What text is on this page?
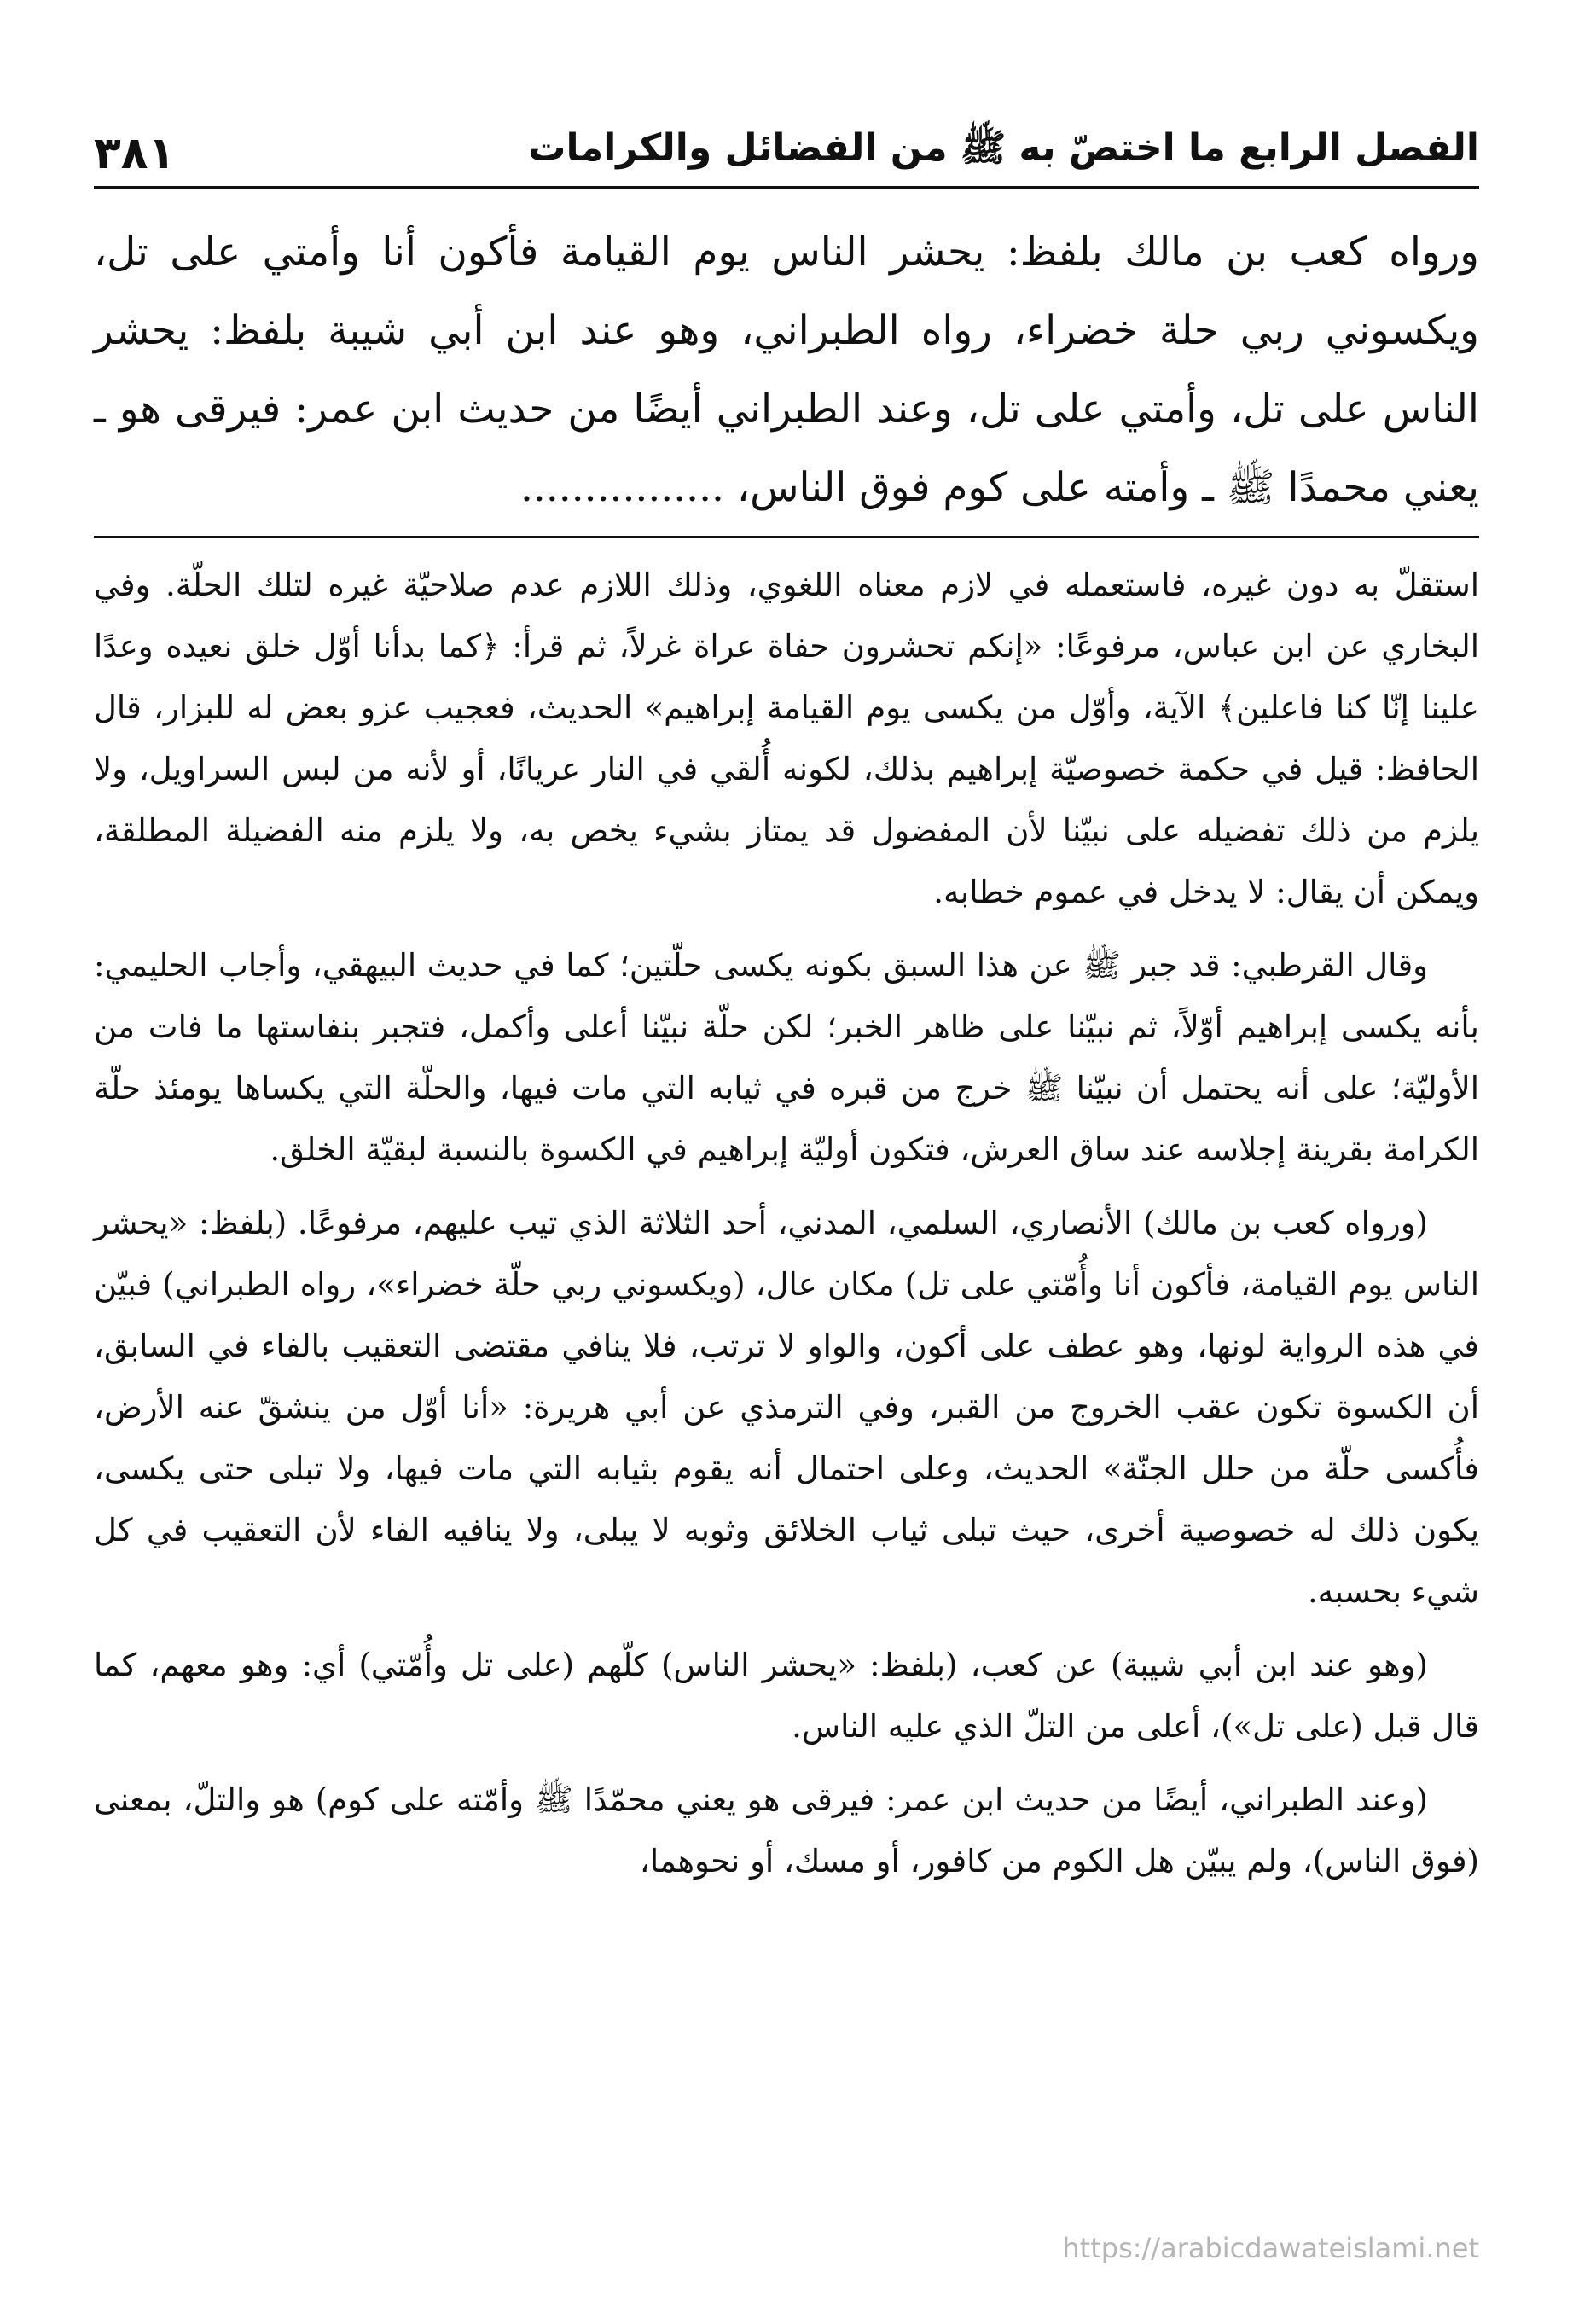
الفصل الرابع ما اختصّ به ﷺ من الفضائل والكرامات
٣٨١

ورواه كعب بن مالك بلفظ: يحشر الناس يوم القيامة فأكون أنا وأمتي على تل، ويكسوني ربي حلة خضراء، رواه الطبراني، وهو عند ابن أبي شيبة بلفظ: يحشر الناس على تل، وأمتي على تل، وعند الطبراني أيضًا من حديث ابن عمر: فيرقى هو ـ يعني محمدًا ﷺ ـ وأمته على كوم فوق الناس، ................

استقلّ به دون غيره، فاستعمله في لازم معناه اللغوي، وذلك اللازم عدم صلاحيّة غيره لتلك الحلّة. وفي البخاري عن ابن عباس، مرفوعًا: «إنكم تحشرون حفاة عراة غرلاً، ثم قرأ: ﴿كما بدأنا أوّل خلق نعيده وعدًا علينا إنّا كنا فاعلين﴾ الآية، وأوّل من يكسى يوم القيامة إبراهيم» الحديث، فعجيب عزو بعض له للبزار، قال الحافظ: قيل في حكمة خصوصيّة إبراهيم بذلك، لكونه أُلقي في النار عريانًا، أو لأنه من لبس السراويل، ولا يلزم من ذلك تفضيله على نبيّنا لأن المفضول قد يمتاز بشيء يخص به، ولا يلزم منه الفضيلة المطلقة، ويمكن أن يقال: لا يدخل في عموم خطابه.

وقال القرطبي: قد جبر ﷺ عن هذا السبق بكونه يكسى حلّتين؛ كما في حديث البيهقي، وأجاب الحليمي: بأنه يكسى إبراهيم أوّلاً، ثم نبيّنا على ظاهر الخبر؛ لكن حلّة نبيّنا أعلى وأكمل، فتجبر بنفاستها ما فات من الأوليّة؛ على أنه يحتمل أن نبيّنا ﷺ خرج من قبره في ثيابه التي مات فيها، والحلّة التي يكساها يومئذ حلّة الكرامة بقرينة إجلاسه عند ساق العرش، فتكون أوليّة إبراهيم في الكسوة بالنسبة لبقيّة الخلق.

(ورواه كعب بن مالك) الأنصاري، السلمي، المدني، أحد الثلاثة الذي تيب عليهم، مرفوعًا. (بلفظ: «يحشر الناس يوم القيامة، فأكون أنا وأُمّتي على تل) مكان عال، (ويكسوني ربي حلّة خضراء»، رواه الطبراني) فبيّن في هذه الرواية لونها، وهو عطف على أكون، والواو لا ترتب، فلا ينافي مقتضى التعقيب بالفاء في السابق، أن الكسوة تكون عقب الخروج من القبر، وفي الترمذي عن أبي هريرة: «أنا أوّل من ينشقّ عنه الأرض، فأُكسى حلّة من حلل الجنّة» الحديث، وعلى احتمال أنه يقوم بثيابه التي مات فيها، ولا تبلى حتى يكسى، يكون ذلك له خصوصية أخرى، حيث تبلى ثياب الخلائق وثوبه لا يبلى، ولا ينافيه الفاء لأن التعقيب في كل شيء بحسبه.

(وهو عند ابن أبي شيبة) عن كعب، (بلفظ: «يحشر الناس) كلّهم (على تل وأُمّتي) أي: وهو معهم، كما قال قبل (على تل»)، أعلى من التلّ الذي عليه الناس.

(وعند الطبراني، أيضًا من حديث ابن عمر: فيرقى هو يعني محمّدًا ﷺ وأمّته على كوم) هو والتلّ، بمعنى (فوق الناس)، ولم يبيّن هل الكوم من كافور، أو مسك، أو نحوهما،

https://arabicdawateislami.net
